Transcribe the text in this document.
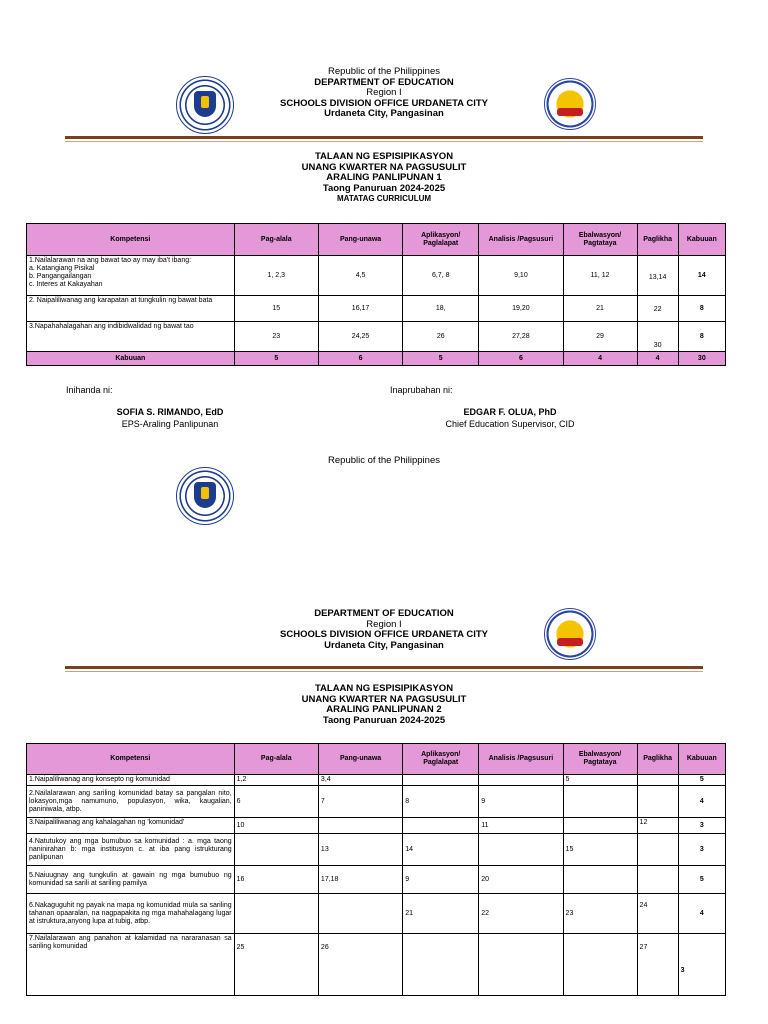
Republic of the Philippines
DEPARTMENT OF EDUCATION
Region I
SCHOOLS DIVISION OFFICE URDANETA CITY
Urdaneta City, Pangasinan
TALAAN NG ESPISIPIKASYON
UNANG KWARTER NA PAGSUSULIT
ARALING PANLIPUNAN 1
Taong Panuruan 2024-2025
MATATAG CURRICULUM
Kompetensi	Pag-alala	Pang-unawa	Aplikasyon/ Paglalapat	Analisis /Pagsusuri	Ebalwasyon/ Pagtataya	Paglikha	Kabuuan
1.Nailalarawan na ang bawat tao ay may iba't ibang:
a. Katangiang Pisikal
b. Pangangailangan
c. Interes at Kakayahan	1, 2,3	4,5	6,7, 8	9,10	11, 12	13,14	14
2. Naipaliliwanag ang karapatan at tungkulin ng bawat bata	15	16,17	18,	19,20	21	22	8
3.Napahahalagahan ang indibidwalidad ng bawat tao	23	24,25	26	27,28	29	30	8
Kabuuan	5	6	5	6	4	4	30
Inihanda ni:	Inaprubahan ni:
SOFIA S. RIMANDO, EdD
EPS-Araling Panlipunan
EDGAR F. OLUA, PhD
Chief Education Supervisor, CID
Republic of the Philippines
DEPARTMENT OF EDUCATION
Region I
SCHOOLS DIVISION OFFICE URDANETA CITY
Urdaneta City, Pangasinan
TALAAN NG ESPISIPIKASYON
UNANG KWARTER NA PAGSUSULIT
ARALING PANLIPUNAN 2
Taong Panuruan 2024-2025
Kompetensi	Pag-alala	Pang-unawa	Aplikasyon/ Paglalapat	Analisis /Pagsusuri	Ebalwasyon/ Pagtataya	Paglikha	Kabuuan
1.Naipaliliwanag ang konsepto ng komunidad	1,2	3,4			5		5
2.Nailalarawan ang sariling komunidad batay sa pangalan nito, lokasyon,mga namumuno, populasyon, wika, kaugalian, paniniwala, atbp.	6	7	8	9			4
3.Naipaliliwanag ang kahalagahan ng 'komunidad'	10			11		12	3
4.Natutukoy ang mga bumubuo sa komunidad : a. mga taong naninirahan b: mga institusyon c. at iba pang istrukturang panlipunan		13	14		15		3
5.Naiuugnay ang tungkulin at gawain ng mga bumubuo ng komunidad sa sarili at sariling pamilya	16	17,18	9	20			5
6.Nakaguguhit ng payak na mapa ng komunidad mula sa sariling tahanan opaaralan, na nagpapakita ng mga mahahalagang lugar at istruktura,anyong lupa at tubig, atbp.			21	22	23	24	4
7.Nailalarawan ang panahon at kalamidad na nararanasan sa sariling komunidad	25	26				27	3
